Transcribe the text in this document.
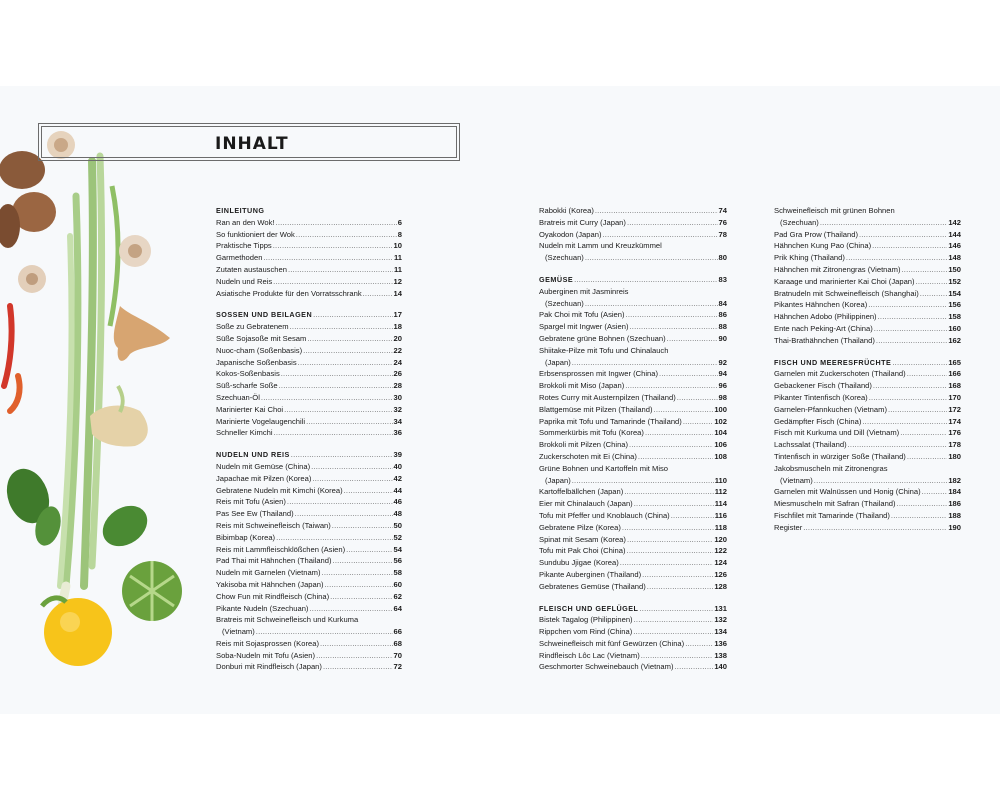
INHALT
EINLEITUNG
Ran an den Wok! .....	6
So funktioniert der Wok .....	8
Praktische Tipps .....	10
Garmethoden .....	11
Zutaten austauschen .....	11
Nudeln und Reis .....	12
Asiatische Produkte für den Vorratsschrank .....	14
SOSSEN UND BEILAGEN .....	17
Soße zu Gebratenem .....	18
Süße Sojasoße mit Sesam .....	20
Nuoc-cham (Soßenbasis) .....	22
Japanische Soßenbasis .....	24
Kokos-Soßenbasis .....	26
Süß-scharfe Soße .....	28
Szechuan-Öl .....	30
Marinierter Kai Choi .....	32
Marinierte Vogelaugenchili .....	34
Schneller Kimchi .....	36
NUDELN UND REIS .....	39
Nudeln mit Gemüse (China) .....	40
Japachae mit Pilzen (Korea) .....	42
Gebratene Nudeln mit Kimchi (Korea) .....	44
Reis mit Tofu (Asien) .....	46
Pas See Ew (Thailand) .....	48
Reis mit Schweinefleisch (Taiwan) .....	50
Bibimbap (Korea) .....	52
Reis mit Lammfleischklößchen (Asien) .....	54
Pad Thai mit Hähnchen (Thailand) .....	56
Nudeln mit Garnelen (Vietnam) .....	58
Yakisoba mit Hähnchen (Japan) .....	60
Chow Fun mit Rindfleisch (China) .....	62
Pikante Nudeln (Szechuan) .....	64
Bratreis mit Schweinefleisch und Kurkuma
(Vietnam) .....	66
Reis mit Sojasprossen (Korea) .....	68
Soba-Nudeln mit Tofu (Asien) .....	70
Donburi mit Rindfleisch (Japan) .....	72
Rabokki (Korea) .....	74
Bratreis mit Curry (Japan) .....	76
Oyakodon (Japan) .....	78
Nudeln mit Lamm und Kreuzkümmel
(Szechuan) .....	80
GEMÜSE .....	83
Auberginen mit Jasminreis
(Szechuan) .....	84
Pak Choi mit Tofu (Asien) .....	86
Spargel mit Ingwer (Asien) .....	88
Gebratene grüne Bohnen (Szechuan) .....	90
Shiitake-Pilze mit Tofu und Chinalauch
(Japan) .....	92
Erbsensprossen mit Ingwer (China) .....	94
Brokkoli mit Miso (Japan) .....	96
Rotes Curry mit Austernpilzen (Thailand) .....	98
Blattgemüse mit Pilzen (Thailand) .....	100
Paprika mit Tofu und Tamarinde (Thailand) .....	102
Sommerkürbis mit Tofu (Korea) .....	104
Brokkoli mit Pilzen (China) .....	106
Zuckerschoten mit Ei (China) .....	108
Grüne Bohnen und Kartoffeln mit Miso
(Japan) .....	110
Kartoffelbällchen (Japan) .....	112
Eier mit Chinalauch (Japan) .....	114
Tofu mit Pfeffer und Knoblauch (China) .....	116
Gebratene Pilze (Korea) .....	118
Spinat mit Sesam (Korea) .....	120
Tofu mit Pak Choi (China) .....	122
Sundubu Jjigae (Korea) .....	124
Pikante Auberginen (Thailand) .....	126
Gebratenes Gemüse (Thailand) .....	128
FLEISCH UND GEFLÜGEL .....	131
Bistek Tagalog (Philippinen) .....	132
Rippchen vom Rind (China) .....	134
Schweinefleisch mit fünf Gewürzen (China) .....	136
Rindfleisch Lôc Lac (Vietnam) .....	138
Geschmorter Schweinebauch (Vietnam) .....	140
Schweinefleisch mit grünen Bohnen
(Szechuan) .....	142
Pad Gra Prow (Thailand) .....	144
Hähnchen Kung Pao (China) .....	146
Prik Khing (Thailand) .....	148
Hähnchen mit Zitronengras (Vietnam) .....	150
Karaage und marinierter Kai Choi (Japan) .....	152
Bratnudeln mit Schweinefleisch (Shanghai) .....	154
Pikantes Hähnchen (Korea) .....	156
Hähnchen Adobo (Philippinen) .....	158
Ente nach Peking-Art (China) .....	160
Thai-Brathähnchen (Thailand) .....	162
FISCH UND MEERESFRÜCHTE .....	165
Garnelen mit Zuckerschoten (Thailand) .....	166
Gebackener Fisch (Thailand) .....	168
Pikanter Tintenfisch (Korea) .....	170
Garnelen-Pfannkuchen (Vietnam) .....	172
Gedämpfter Fisch (China) .....	174
Fisch mit Kurkuma und Dill (Vietnam) .....	176
Lachssalat (Thailand) .....	178
Tintenfisch in würziger Soße (Thailand) .....	180
Jakobsmuscheln mit Zitronengras
(Vietnam) .....	182
Garnelen mit Walnüssen und Honig (China) .....	184
Miesmuscheln mit Safran (Thailand) .....	186
Fischfilet mit Tamarinde (Thailand) .....	188
Register .....	190
